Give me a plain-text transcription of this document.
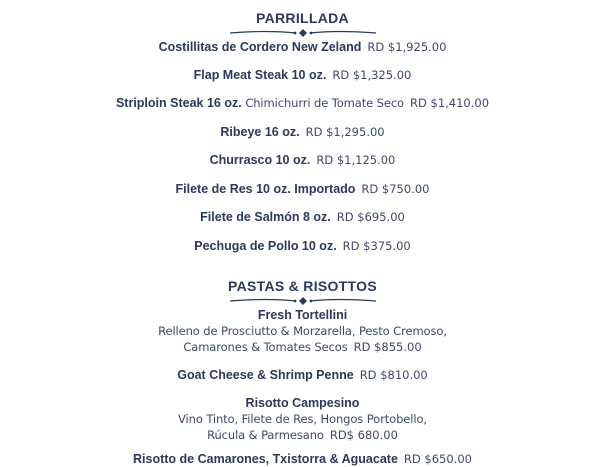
PARRILLADA
Costillitas de Cordero New Zeland RD $1,925.00
Flap Meat Steak 10 oz. RD $1,325.00
Striploin Steak 16 oz. Chimichurri de Tomate Seco RD $1,410.00
Ribeye 16 oz. RD $1,295.00
Churrasco 10 oz. RD $1,125.00
Filete de Res 10 oz. Importado RD $750.00
Filete de Salmón 8 oz. RD $695.00
Pechuga de Pollo 10 oz. RD $375.00
PASTAS & RISOTTOS
Fresh Tortellini
Relleno de Prosciutto & Morzarella, Pesto Cremoso,
Camarones & Tomates Secos RD $855.00
Goat Cheese & Shrimp Penne RD $810.00
Risotto Campesino
Vino Tinto, Filete de Res, Hongos Portobello,
Rúcula & Parmesano RD$ 680.00
Risotto de Camarones, Txistorra & Aguacate RD $650.00
